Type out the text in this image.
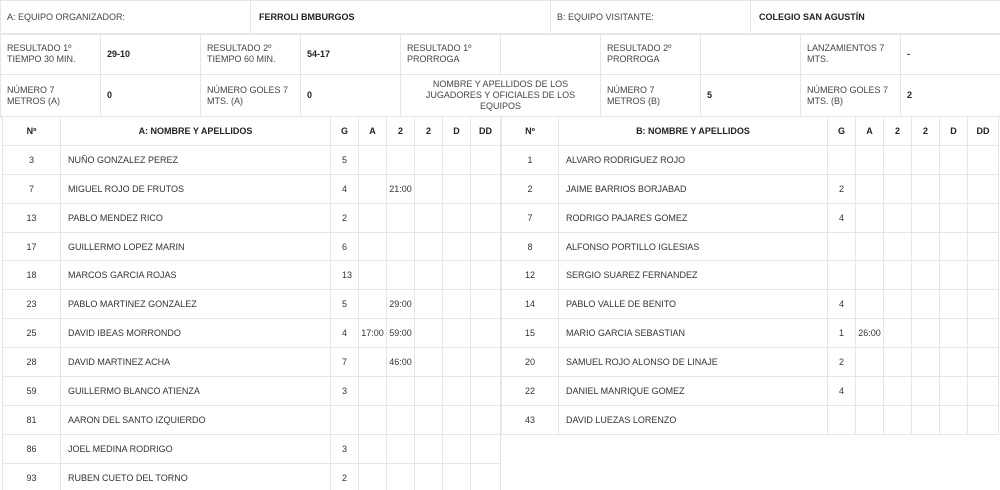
A: EQUIPO ORGANIZADOR:	FERROLI BMBURGOS	B: EQUIPO VISITANTE:	COLEGIO SAN AGUSTÍN		
RESULTADO 1º TIEMPO 30 MIN.	29-10	RESULTADO 2º TIEMPO 60 MIN.	54-17	RESULTADO 1º PRORROGA		RESULTADO 2º PRORROGA		LANZAMIENTOS 7 MTS.	-
NÚMERO 7 METROS (A)	0	NÚMERO GOLES 7 MTS. (A)	0	NOMBRE Y APELLIDOS DE LOS JUGADORES Y OFICIALES DE LOS EQUIPOS		NÚMERO 7 METROS (B)	5	NÚMERO GOLES 7 MTS. (B)	2
Nº	A: NOMBRE Y APELLIDOS	G	A	2	2	D	DD
3	NUÑO GONZALEZ PEREZ	5					
7	MIGUEL ROJO DE FRUTOS	4		21:00			
13	PABLO MENDEZ RICO	2					
17	GUILLERMO LOPEZ MARIN	6					
18	MARCOS GARCIA ROJAS	13					
23	PABLO MARTINEZ GONZALEZ	5		29:00			
25	DAVID IBEAS MORRONDO	4	17:00	59:00			
28	DAVID MARTINEZ ACHA	7		46:00			
59	GUILLERMO BLANCO ATIENZA	3					
81	AARON DEL SANTO IZQUIERDO						
86	JOEL MEDINA RODRIGO	3					
93	RUBEN CUETO DEL TORNO	2					
Nº	B: NOMBRE Y APELLIDOS	G	A	2	2	D	DD
1	ALVARO RODRIGUEZ ROJO						
2	JAIME BARRIOS BORJABAD	2					
7	RODRIGO PAJARES GOMEZ	4					
8	ALFONSO PORTILLO IGLESIAS						
12	SERGIO SUAREZ FERNANDEZ						
14	PABLO VALLE DE BENITO	4					
15	MARIO GARCIA SEBASTIAN	1	26:00				
20	SAMUEL ROJO ALONSO DE LINAJE	2					
22	DANIEL MANRIQUE GOMEZ	4					
43	DAVID LUEZAS LORENZO						
